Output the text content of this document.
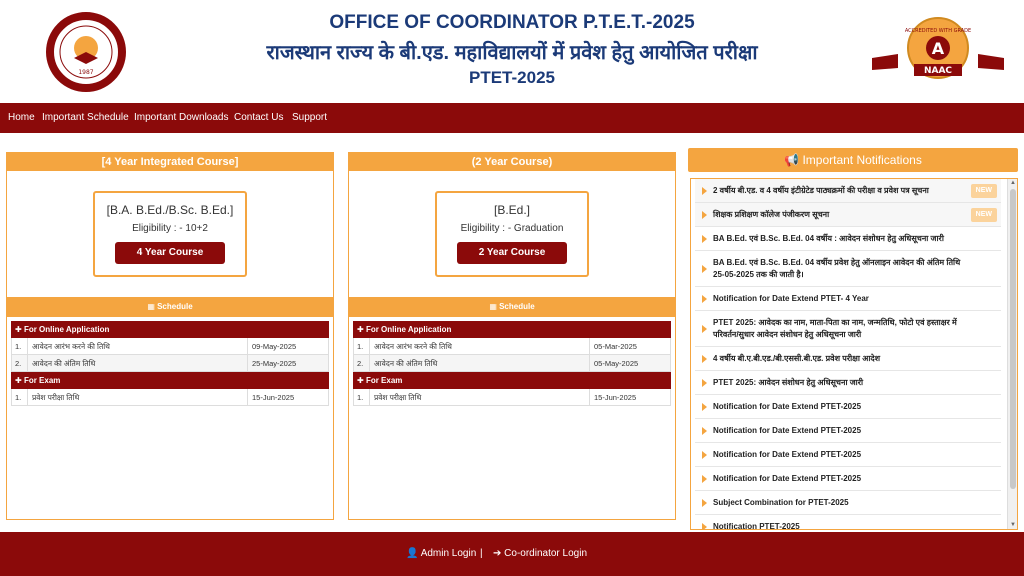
1987
OFFICE OF COORDINATOR P.T.E.T.-2025
राजस्थान राज्य के बी.एड. महाविद्यालयों में प्रवेश हेतु आयोजित परीक्षा
PTET-2025
ACCREDITED WITH GRADE
A
NAAC
Home Important Schedule Important Downloads Contact Us Support
[4 Year Integrated Course]
[B.A. B.Ed./B.Sc. B.Ed.]
Eligibility : - 10+2
4 Year Course
▦ Schedule
✚ For Online Application
1.	आवेदन आरंभ करने की तिथि	09-May-2025
2.	आवेदन की अंतिम तिथि	25-May-2025
✚ For Exam
1.	प्रवेश परीक्षा तिथि	15-Jun-2025
(2 Year Course)
[B.Ed.]
Eligibility : - Graduation
2 Year Course
▦ Schedule
✚ For Online Application
1.	आवेदन आरंभ करने की तिथि	05-Mar-2025
2.	आवेदन की अंतिम तिथि	05-May-2025
✚ For Exam
1.	प्रवेश परीक्षा तिथि	15-Jun-2025
📢 Important Notifications
2 वर्षीय बी.एड. व 4 वर्षीय इंटीग्रेटेड पाठ्यक्रमों की परीक्षा व प्रवेश पत्र सूचना	NEW
शिक्षक प्रशिक्षण कॉलेज पंजीकरण सूचना	NEW
BA B.Ed. एवं B.Sc. B.Ed. 04 वर्षीय : आवेदन संशोधन हेतु अधिसूचना जारी
BA B.Ed. एवं B.Sc. B.Ed. 04 वर्षीय प्रवेश हेतु ऑनलाइन आवेदन की अंतिम तिथि 25-05-2025 तक की जाती है।
Notification for Date Extend PTET- 4 Year
PTET 2025: आवेदक का नाम, माता-पिता का नाम, जन्मतिथि, फोटो एवं हस्ताक्षर में परिवर्तन/सुधार आवेदन संशोधन हेतु अधिसूचना जारी
4 वर्षीय बी.ए.बी.एड./बी.एससी.बी.एड. प्रवेश परीक्षा आदेश
PTET 2025: आवेदन संशोधन हेतु अधिसूचना जारी
Notification for Date Extend PTET-2025
Notification for Date Extend PTET-2025
Notification for Date Extend PTET-2025
Notification for Date Extend PTET-2025
Subject Combination for PTET-2025
Notification PTET-2025
▲
▼
👤 Admin Login | ➔ Co-ordinator Login
